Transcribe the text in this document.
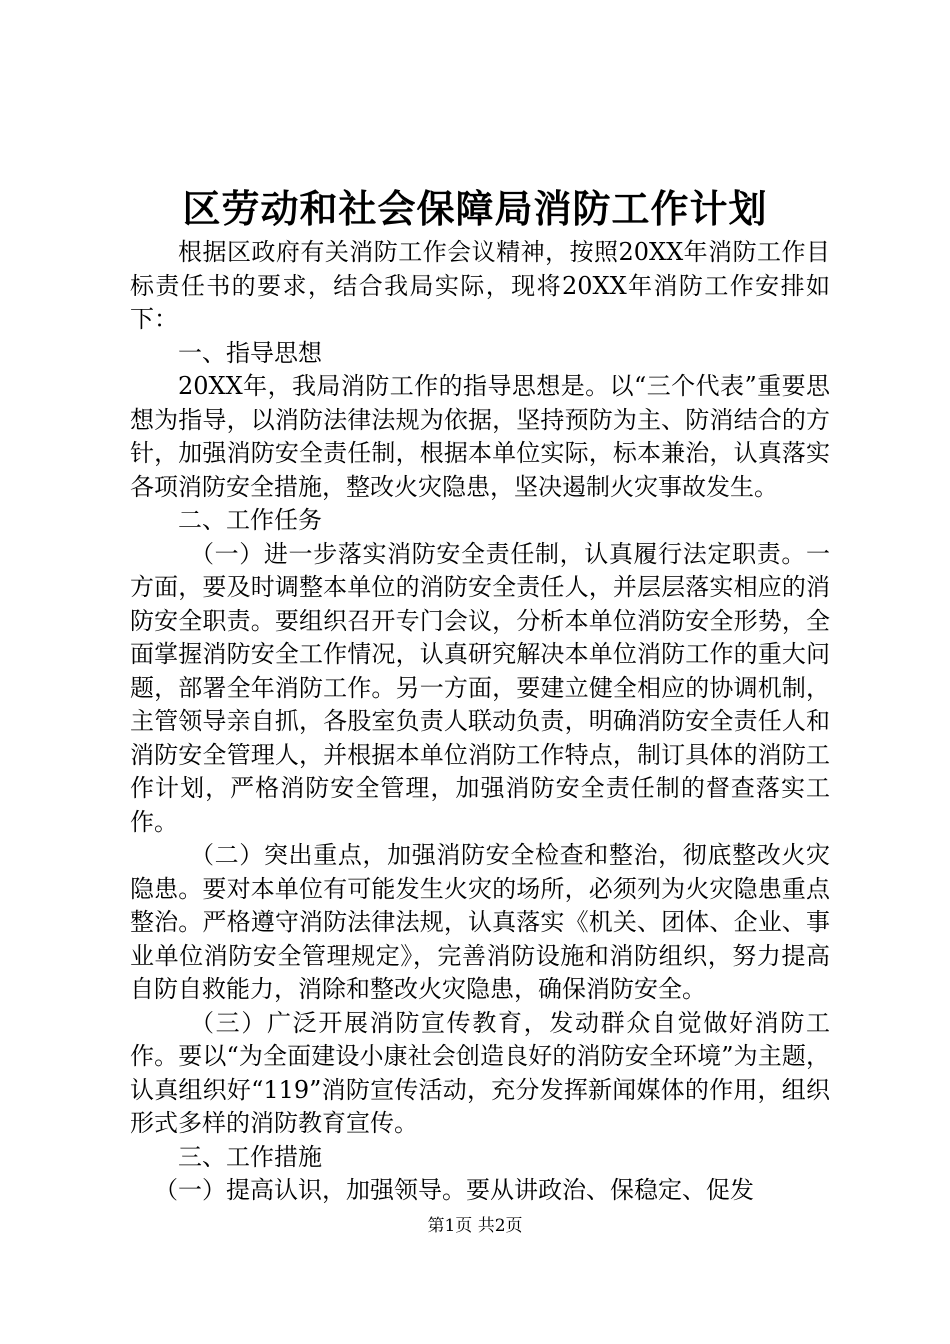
区劳动和社会保障局消防工作计划

根据区政府有关消防工作会议精神，按照20XX年消防工作目标责任书的要求，结合我局实际，现将20XX年消防工作安排如下：

一、指导思想

20XX年，我局消防工作的指导思想是。以“三个代表”重要思想为指导，以消防法律法规为依据，坚持预防为主、防消结合的方针，加强消防安全责任制，根据本单位实际，标本兼治，认真落实各项消防安全措施，整改火灾隐患，坚决遏制火灾事故发生。

二、工作任务

（一）进一步落实消防安全责任制，认真履行法定职责。一方面，要及时调整本单位的消防安全责任人，并层层落实相应的消防安全职责。要组织召开专门会议，分析本单位消防安全形势，全面掌握消防安全工作情况，认真研究解决本单位消防工作的重大问题，部署全年消防工作。另一方面，要建立健全相应的协调机制，主管领导亲自抓，各股室负责人联动负责，明确消防安全责任人和消防安全管理人，并根据本单位消防工作特点，制订具体的消防工作计划，严格消防安全管理，加强消防安全责任制的督查落实工作。

（二）突出重点，加强消防安全检查和整治，彻底整改火灾隐患。要对本单位有可能发生火灾的场所，必须列为火灾隐患重点整治。严格遵守消防法律法规，认真落实《机关、团体、企业、事业单位消防安全管理规定》，完善消防设施和消防组织，努力提高自防自救能力，消除和整改火灾隐患，确保消防安全。

（三）广泛开展消防宣传教育，发动群众自觉做好消防工作。要以“为全面建设小康社会创造良好的消防安全环境”为主题，认真组织好“119”消防宣传活动，充分发挥新闻媒体的作用，组织形式多样的消防教育宣传。

三、工作措施

（一）提高认识，加强领导。要从讲政治、保稳定、促发

第1页 共2页
